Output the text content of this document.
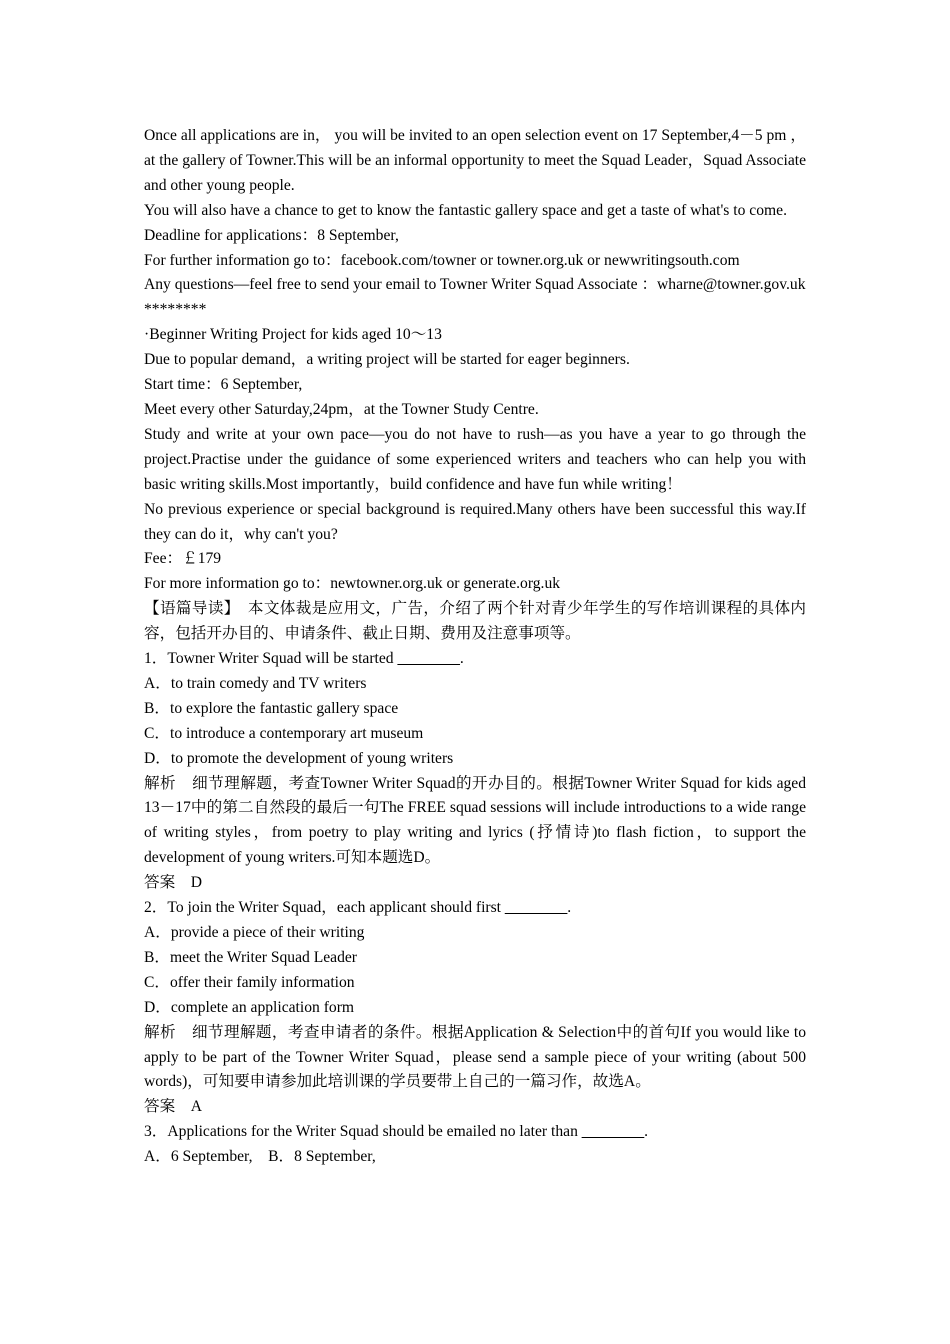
Once all applications are in， you will be invited to an open selection event on 17 September,4－5 pm ， at the gallery of Towner.This will be an informal opportunity to meet the Squad Leader，Squad Associate and other young people.

You will also have a chance to get to know the fantastic gallery space and get a taste of what's to come.

Deadline for applications：8 September,

For further information go to：facebook.com/towner or towner.org.uk or newwritingsouth.com

Any questions—feel free to send your email to Towner Writer Squad Associate ：wharne@towner.gov.uk

********

·Beginner Writing Project for kids aged 10～13

Due to popular demand，a writing project will be started for eager beginners.

Start time：6 September,

Meet every other Saturday,24pm，at the Towner Study Centre.

Study and write at your own pace—you do not have to rush—as you have a year to go through the project.Practise under the guidance of some experienced writers and teachers who can help you with basic writing skills.Most importantly，build confidence and have fun while writing！

No previous experience or special background is required.Many others have been successful this way.If they can do it，why can't you?

Fee：￡179

For more information go to：newtowner.org.uk or generate.org.uk

【语篇导读】　本文体裁是应用文，广告，介绍了两个针对青少年学生的写作培训课程的具体内容，包括开办目的、申请条件、截止日期、费用及注意事项等。

1．Towner Writer Squad will be started ________.

A．to train comedy and TV writers

B．to explore the fantastic gallery space

C．to introduce a contemporary art museum

D．to promote the development of young writers

解析　细节理解题，考查Towner Writer Squad的开办目的。根据Towner Writer Squad for kids aged 13－17中的第二自然段的最后一句The FREE squad sessions will include introductions to a wide range of writing styles，from poetry to play writing and lyrics (抒情诗)to flash fiction，to support the development of young writers.可知本题选D。

答案　D

2．To join the Writer Squad，each applicant should first ________.

A．provide a piece of their writing

B．meet the Writer Squad Leader

C．offer their family information

D．complete an application form

解析　细节理解题，考查申请者的条件。根据Application & Selection中的首句If you would like to apply to be part of the Towner Writer Squad，please send a sample piece of your writing (about 500 words)，可知要申请参加此培训课的学员要带上自己的一篇习作，故选A。

答案　A

3．Applications for the Writer Squad should be emailed no later than ________.

A．6 September,　B．8 September,
